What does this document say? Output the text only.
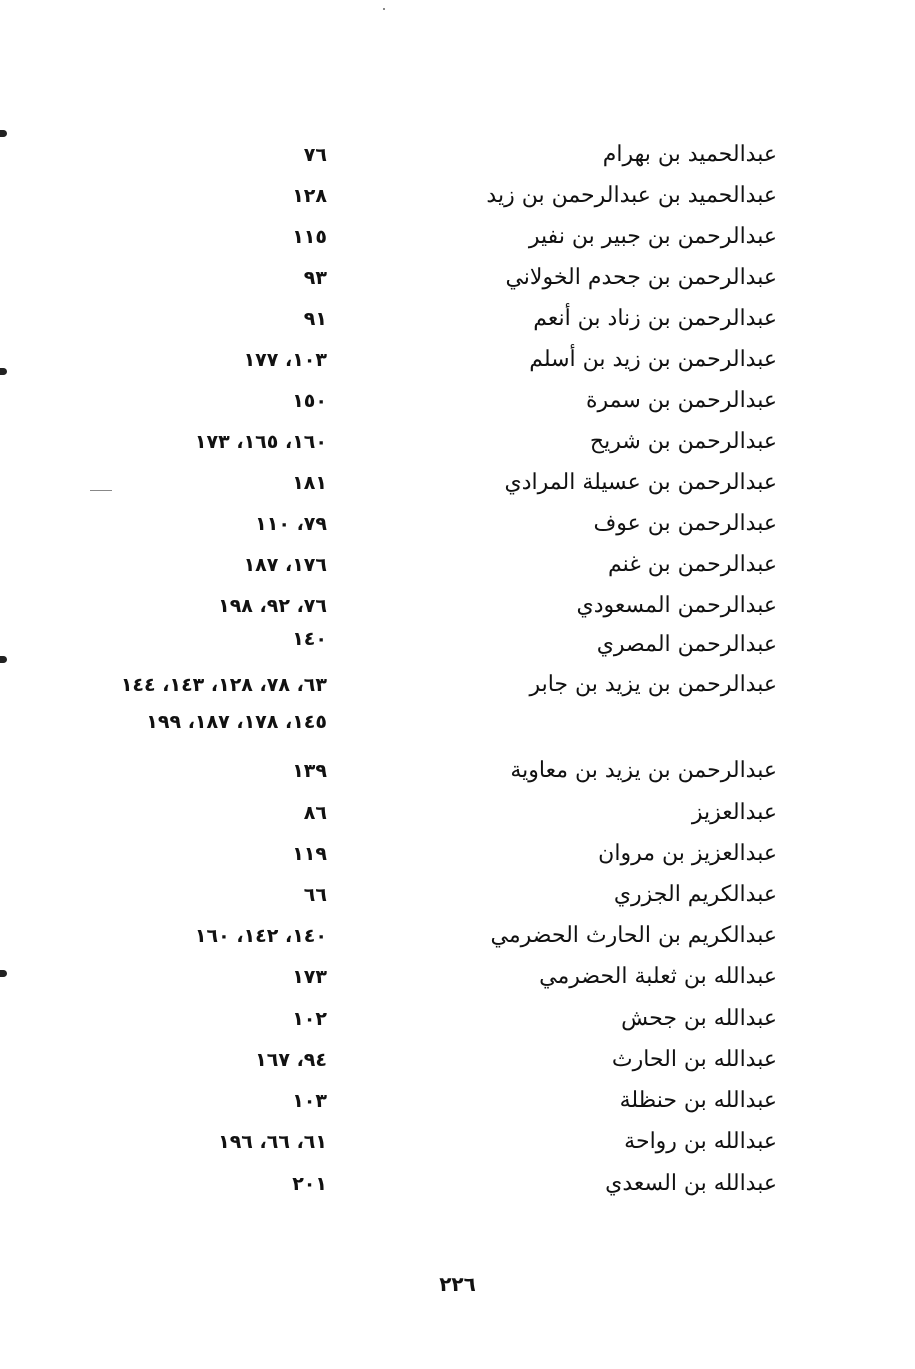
عبدالحميد بن بهرام
٧٦
عبدالحميد بن عبدالرحمن بن زيد
١٢٨
عبدالرحمن بن جبير بن نفير
١١٥
عبدالرحمن بن جحدم الخولاني
٩٣
عبدالرحمن بن زناد بن أنعم
٩١
عبدالرحمن بن زيد بن أسلم
١٠٣، ١٧٧
عبدالرحمن بن سمرة
١٥٠
عبدالرحمن بن شريح
١٦٠، ١٦٥، ١٧٣
عبدالرحمن بن عسيلة المرادي
١٨١
عبدالرحمن بن عوف
٧٩، ١١٠
عبدالرحمن بن غنم
١٧٦، ١٨٧
عبدالرحمن المسعودي
٧٦، ٩٢، ١٩٨
عبدالرحمن المصري
١٤٠
عبدالرحمن بن يزيد بن جابر
٦٣، ٧٨، ١٢٨، ١٤٣، ١٤٤
١٤٥، ١٧٨، ١٨٧، ١٩٩
عبدالرحمن بن يزيد بن معاوية
١٣٩
عبدالعزيز
٨٦
عبدالعزيز بن مروان
١١٩
عبدالكريم الجزري
٦٦
عبدالكريم بن الحارث الحضرمي
١٤٠، ١٤٢، ١٦٠
عبدالله بن ثعلبة الحضرمي
١٧٣
عبدالله بن جحش
١٠٢
عبدالله بن الحارث
٩٤، ١٦٧
عبدالله بن حنظلة
١٠٣
عبدالله بن رواحة
٦١، ٦٦، ١٩٦
عبدالله بن السعدي
٢٠١
٢٢٦
